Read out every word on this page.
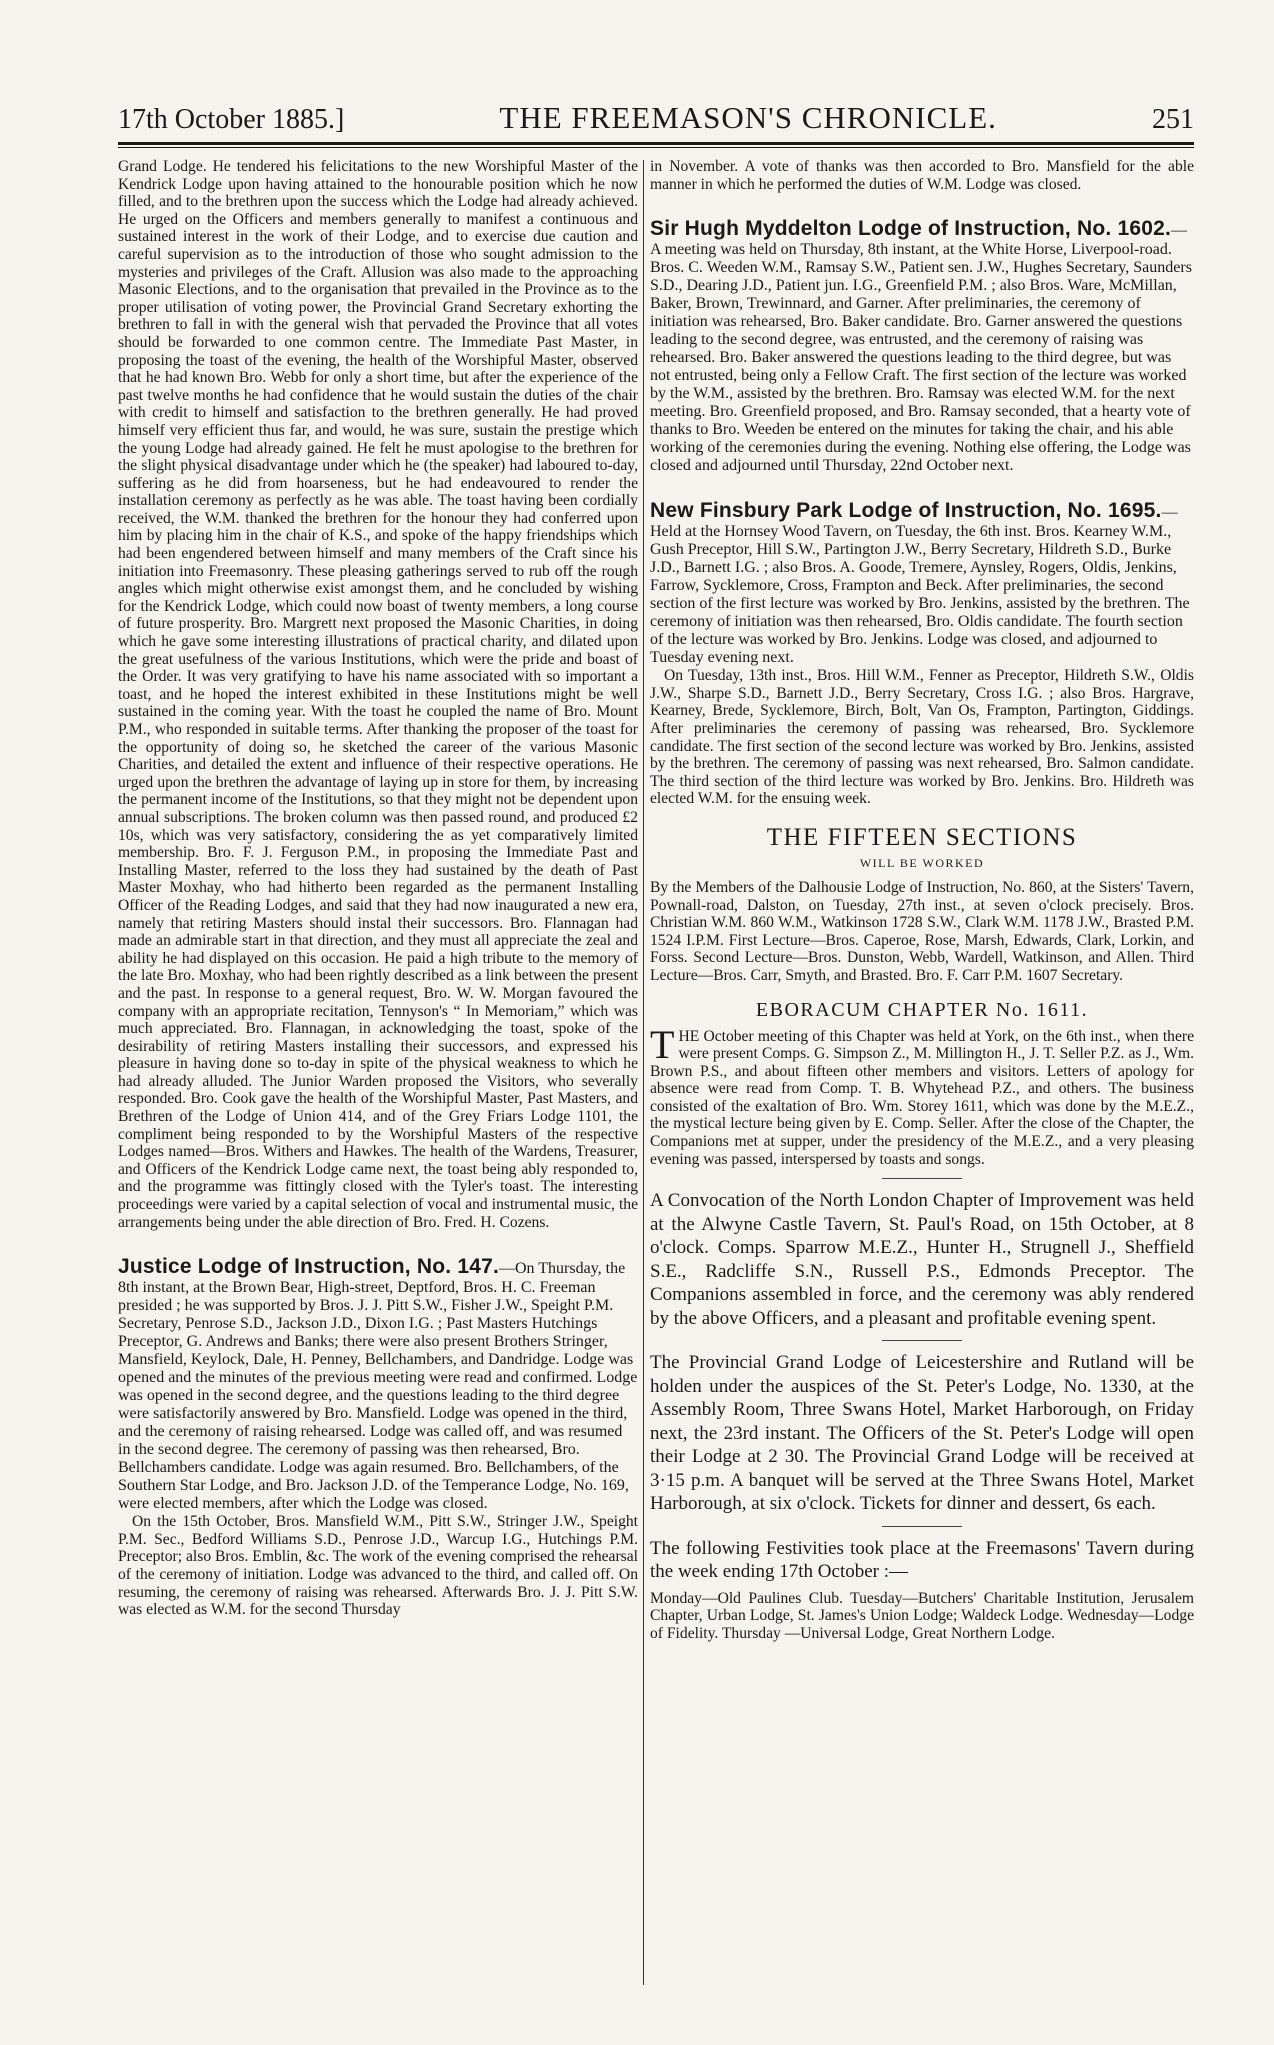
17th October 1885.]	THE FREEMASON'S CHRONICLE.	251

Grand Lodge. He tendered his felicitations to the new Worshipful Master of the Kendrick Lodge upon having attained to the honourable position which he now filled, and to the brethren upon the success which the Lodge had already achieved. He urged on the Officers and members generally to manifest a continuous and sustained interest in the work of their Lodge, and to exercise due caution and careful supervision as to the introduction of those who sought admission to the mysteries and privileges of the Craft. Allusion was also made to the approaching Masonic Elections, and to the organisation that prevailed in the Province as to the proper utilisation of voting power, the Provincial Grand Secretary exhorting the brethren to fall in with the general wish that pervaded the Province that all votes should be forwarded to one common centre. The Immediate Past Master, in proposing the toast of the evening, the health of the Worshipful Master, observed that he had known Bro. Webb for only a short time, but after the experience of the past twelve months he had confidence that he would sustain the duties of the chair with credit to himself and satisfaction to the brethren generally. He had proved himself very efficient thus far, and would, he was sure, sustain the prestige which the young Lodge had already gained. He felt he must apologise to the brethren for the slight physical disadvantage under which he (the speaker) had laboured to-day, suffering as he did from hoarseness, but he had endeavoured to render the installation ceremony as perfectly as he was able. The toast having been cordially received, the W.M. thanked the brethren for the honour they had conferred upon him by placing him in the chair of K.S., and spoke of the happy friendships which had been engendered between himself and many members of the Craft since his initiation into Freemasonry. These pleasing gatherings served to rub off the rough angles which might otherwise exist amongst them, and he concluded by wishing for the Kendrick Lodge, which could now boast of twenty members, a long course of future prosperity. Bro. Margrett next proposed the Masonic Charities, in doing which he gave some interesting illustrations of practical charity, and dilated upon the great usefulness of the various Institutions, which were the pride and boast of the Order. It was very gratifying to have his name associated with so important a toast, and he hoped the interest exhibited in these Institutions might be well sustained in the coming year. With the toast he coupled the name of Bro. Mount P.M., who responded in suitable terms. After thanking the proposer of the toast for the opportunity of doing so, he sketched the career of the various Masonic Charities, and detailed the extent and influence of their respective operations. He urged upon the brethren the advantage of laying up in store for them, by increasing the permanent income of the Institutions, so that they might not be dependent upon annual subscriptions. The broken column was then passed round, and produced £2 10s, which was very satisfactory, considering the as yet comparatively limited membership. Bro. F. J. Ferguson P.M., in proposing the Immediate Past and Installing Master, referred to the loss they had sustained by the death of Past Master Moxhay, who had hitherto been regarded as the permanent Installing Officer of the Reading Lodges, and said that they had now inaugurated a new era, namely that retiring Masters should instal their successors. Bro. Flannagan had made an admirable start in that direction, and they must all appreciate the zeal and ability he had displayed on this occasion. He paid a high tribute to the memory of the late Bro. Moxhay, who had been rightly described as a link between the present and the past. In response to a general request, Bro. W. W. Morgan favoured the company with an appropriate recitation, Tennyson's “ In Memoriam,” which was much appreciated. Bro. Flannagan, in acknowledging the toast, spoke of the desirability of retiring Masters installing their successors, and expressed his pleasure in having done so to-day in spite of the physical weakness to which he had already alluded. The Junior Warden proposed the Visitors, who severally responded. Bro. Cook gave the health of the Worshipful Master, Past Masters, and Brethren of the Lodge of Union 414, and of the Grey Friars Lodge 1101, the compliment being responded to by the Worshipful Masters of the respective Lodges named—Bros. Withers and Hawkes. The health of the Wardens, Treasurer, and Officers of the Kendrick Lodge came next, the toast being ably responded to, and the programme was fittingly closed with the Tyler's toast. The interesting proceedings were varied by a capital selection of vocal and instrumental music, the arrangements being under the able direction of Bro. Fred. H. Cozens.

Justice Lodge of Instruction, No. 147.—On Thursday, the 8th instant, at the Brown Bear, High-street, Deptford, Bros. H. C. Freeman presided ; he was supported by Bros. J. J. Pitt S.W., Fisher J.W., Speight P.M. Secretary, Penrose S.D., Jackson J.D., Dixon I.G. ; Past Masters Hutchings Preceptor, G. Andrews and Banks; there were also present Brothers Stringer, Mansfield, Keylock, Dale, H. Penney, Bellchambers, and Dandridge. Lodge was opened and the minutes of the previous meeting were read and confirmed. Lodge was opened in the second degree, and the questions leading to the third degree were satisfactorily answered by Bro. Mansfield. Lodge was opened in the third, and the ceremony of raising rehearsed. Lodge was called off, and was resumed in the second degree. The ceremony of passing was then rehearsed, Bro. Bellchambers candidate. Lodge was again resumed. Bro. Bellchambers, of the Southern Star Lodge, and Bro. Jackson J.D. of the Temperance Lodge, No. 169, were elected members, after which the Lodge was closed.

On the 15th October, Bros. Mansfield W.M., Pitt S.W., Stringer J.W., Speight P.M. Sec., Bedford Williams S.D., Penrose J.D., Warcup I.G., Hutchings P.M. Preceptor; also Bros. Emblin, &c. The work of the evening comprised the rehearsal of the ceremony of initiation. Lodge was advanced to the third, and called off. On resuming, the ceremony of raising was rehearsed. Afterwards Bro. J. J. Pitt S.W. was elected as W.M. for the second Thursday

in November. A vote of thanks was then accorded to Bro. Mansfield for the able manner in which he performed the duties of W.M. Lodge was closed.

Sir Hugh Myddelton Lodge of Instruction, No. 1602.—A meeting was held on Thursday, 8th instant, at the White Horse, Liverpool-road. Bros. C. Weeden W.M., Ramsay S.W., Patient sen. J.W., Hughes Secretary, Saunders S.D., Dearing J.D., Patient jun. I.G., Greenfield P.M. ; also Bros. Ware, McMillan, Baker, Brown, Trewinnard, and Garner. After preliminaries, the ceremony of initiation was rehearsed, Bro. Baker candidate. Bro. Garner answered the questions leading to the second degree, was entrusted, and the ceremony of raising was rehearsed. Bro. Baker answered the questions leading to the third degree, but was not entrusted, being only a Fellow Craft. The first section of the lecture was worked by the W.M., assisted by the brethren. Bro. Ramsay was elected W.M. for the next meeting. Bro. Greenfield proposed, and Bro. Ramsay seconded, that a hearty vote of thanks to Bro. Weeden be entered on the minutes for taking the chair, and his able working of the ceremonies during the evening. Nothing else offering, the Lodge was closed and adjourned until Thursday, 22nd October next.

New Finsbury Park Lodge of Instruction, No. 1695.—Held at the Hornsey Wood Tavern, on Tuesday, the 6th inst. Bros. Kearney W.M., Gush Preceptor, Hill S.W., Partington J.W., Berry Secretary, Hildreth S.D., Burke J.D., Barnett I.G. ; also Bros. A. Goode, Tremere, Aynsley, Rogers, Oldis, Jenkins, Farrow, Sycklemore, Cross, Frampton and Beck. After preliminaries, the second section of the first lecture was worked by Bro. Jenkins, assisted by the brethren. The ceremony of initiation was then rehearsed, Bro. Oldis candidate. The fourth section of the lecture was worked by Bro. Jenkins. Lodge was closed, and adjourned to Tuesday evening next.

On Tuesday, 13th inst., Bros. Hill W.M., Fenner as Preceptor, Hildreth S.W., Oldis J.W., Sharpe S.D., Barnett J.D., Berry Secretary, Cross I.G. ; also Bros. Hargrave, Kearney, Brede, Sycklemore, Birch, Bolt, Van Os, Frampton, Partington, Giddings. After preliminaries the ceremony of passing was rehearsed, Bro. Sycklemore candidate. The first section of the second lecture was worked by Bro. Jenkins, assisted by the brethren. The ceremony of passing was next rehearsed, Bro. Salmon candidate. The third section of the third lecture was worked by Bro. Jenkins. Bro. Hildreth was elected W.M. for the ensuing week.

THE FIFTEEN SECTIONS
WILL BE WORKED

By the Members of the Dalhousie Lodge of Instruction, No. 860, at the Sisters' Tavern, Pownall-road, Dalston, on Tuesday, 27th inst., at seven o'clock precisely. Bros. Christian W.M. 860 W.M., Watkinson 1728 S.W., Clark W.M. 1178 J.W., Brasted P.M. 1524 I.P.M. First Lecture—Bros. Caperoe, Rose, Marsh, Edwards, Clark, Lorkin, and Forss. Second Lecture—Bros. Dunston, Webb, Wardell, Watkinson, and Allen. Third Lecture—Bros. Carr, Smyth, and Brasted. Bro. F. Carr P.M. 1607 Secretary.

EBORACUM CHAPTER No. 1611.

THE October meeting of this Chapter was held at York, on the 6th inst., when there were present Comps. G. Simpson Z., M. Millington H., J. T. Seller P.Z. as J., Wm. Brown P.S., and about fifteen other members and visitors. Letters of apology for absence were read from Comp. T. B. Whytehead P.Z., and others. The business consisted of the exaltation of Bro. Wm. Storey 1611, which was done by the M.E.Z., the mystical lecture being given by E. Comp. Seller. After the close of the Chapter, the Companions met at supper, under the presidency of the M.E.Z., and a very pleasing evening was passed, interspersed by toasts and songs.

A Convocation of the North London Chapter of Improvement was held at the Alwyne Castle Tavern, St. Paul's Road, on 15th October, at 8 o'clock. Comps. Sparrow M.E.Z., Hunter H., Strugnell J., Sheffield S.E., Radcliffe S.N., Russell P.S., Edmonds Preceptor. The Companions assembled in force, and the ceremony was ably rendered by the above Officers, and a pleasant and profitable evening spent.

The Provincial Grand Lodge of Leicestershire and Rutland will be holden under the auspices of the St. Peter's Lodge, No. 1330, at the Assembly Room, Three Swans Hotel, Market Harborough, on Friday next, the 23rd instant. The Officers of the St. Peter's Lodge will open their Lodge at 2 30. The Provincial Grand Lodge will be received at 3·15 p.m. A banquet will be served at the Three Swans Hotel, Market Harborough, at six o'clock. Tickets for dinner and dessert, 6s each.

The following Festivities took place at the Freemasons' Tavern during the week ending 17th October :—

Monday—Old Paulines Club. Tuesday—Butchers' Charitable Institution, Jerusalem Chapter, Urban Lodge, St. James's Union Lodge; Waldeck Lodge. Wednesday—Lodge of Fidelity. Thursday —Universal Lodge, Great Northern Lodge.
